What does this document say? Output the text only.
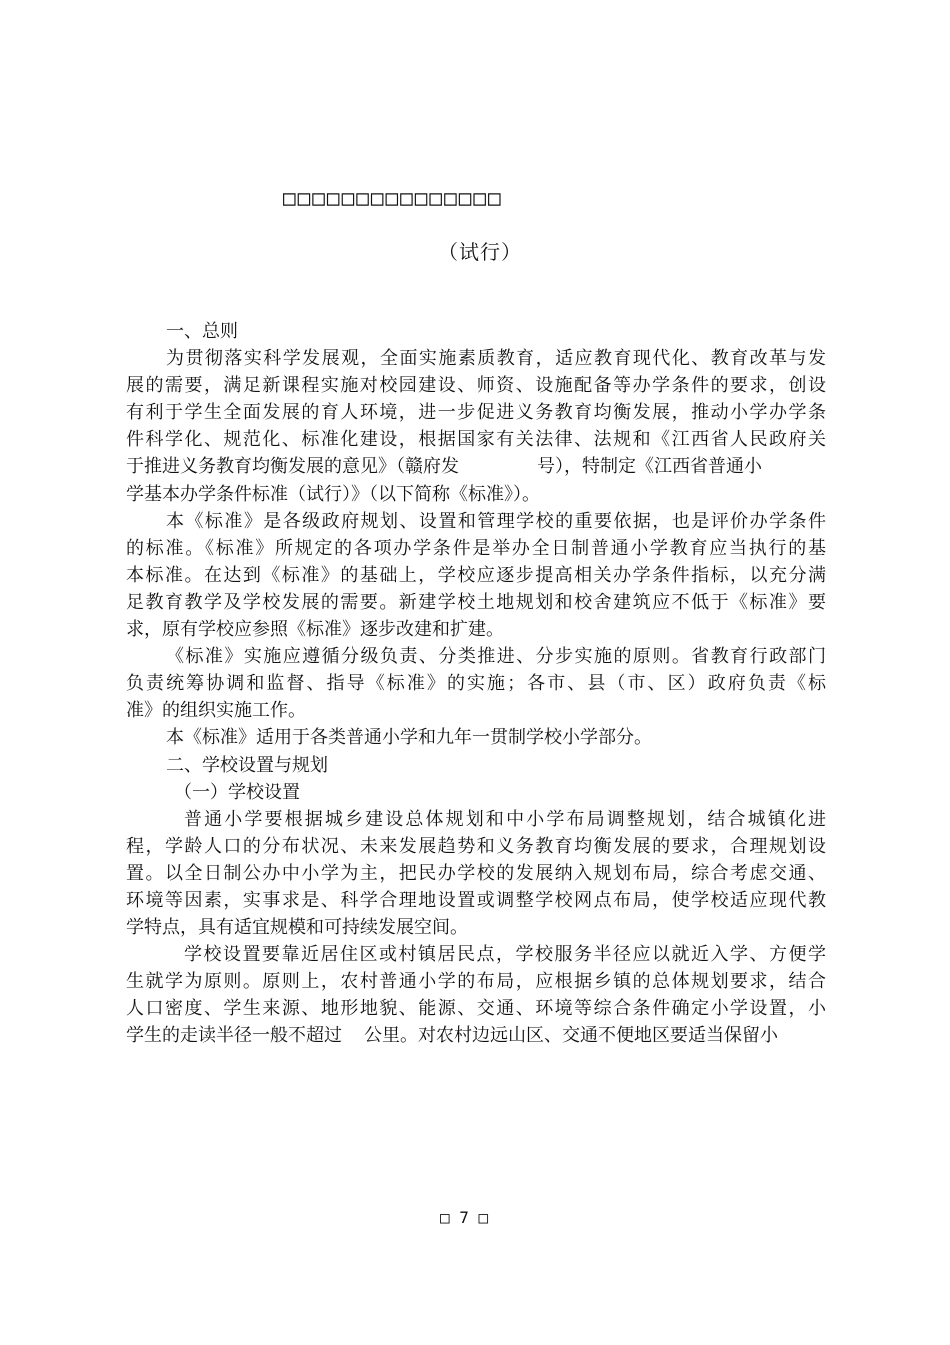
□□□□□□□□□□□□□□□
（试行）
一、总则
为贯彻落实科学发展观，全面实施素质教育，适应教育现代化、教育改革与发
展的需要，满足新课程实施对校园建设、师资、设施配备等办学条件的要求，创设
有利于学生全面发展的育人环境，进一步促进义务教育均衡发展，推动小学办学条
件科学化、规范化、标准化建设，根据国家有关法律、法规和《江西省人民政府关
于推进义务教育均衡发展的意见》（赣府发	号），特制定《江西省普通小
学基本办学条件标准（试行）》（以下简称《标准》）。
本《标准》是各级政府规划、设置和管理学校的重要依据，也是评价办学条件
的标准。《标准》所规定的各项办学条件是举办全日制普通小学教育应当执行的基
本标准。在达到《标准》的基础上，学校应逐步提高相关办学条件指标，以充分满
足教育教学及学校发展的需要。新建学校土地规划和校舍建筑应不低于《标准》要
求，原有学校应参照《标准》逐步改建和扩建。
《标准》实施应遵循分级负责、分类推进、分步实施的原则。省教育行政部门
负责统筹协调和监督、指导《标准》的实施；各市、县（市、区）政府负责《标
准》的组织实施工作。
本《标准》适用于各类普通小学和九年一贯制学校小学部分。
二、学校设置与规划
（一）学校设置
普通小学要根据城乡建设总体规划和中小学布局调整规划，结合城镇化进
程，学龄人口的分布状况、未来发展趋势和义务教育均衡发展的要求，合理规划设
置。以全日制公办中小学为主，把民办学校的发展纳入规划布局，综合考虑交通、
环境等因素，实事求是、科学合理地设置或调整学校网点布局，使学校适应现代教
学特点，具有适宜规模和可持续发展空间。
学校设置要靠近居住区或村镇居民点，学校服务半径应以就近入学、方便学
生就学为原则。原则上，农村普通小学的布局，应根据乡镇的总体规划要求，结合
人口密度、学生来源、地形地貌、能源、交通、环境等综合条件确定小学设置，小
学生的走读半径一般不超过 公里。对农村边远山区、交通不便地区要适当保留小
□ 7 □
